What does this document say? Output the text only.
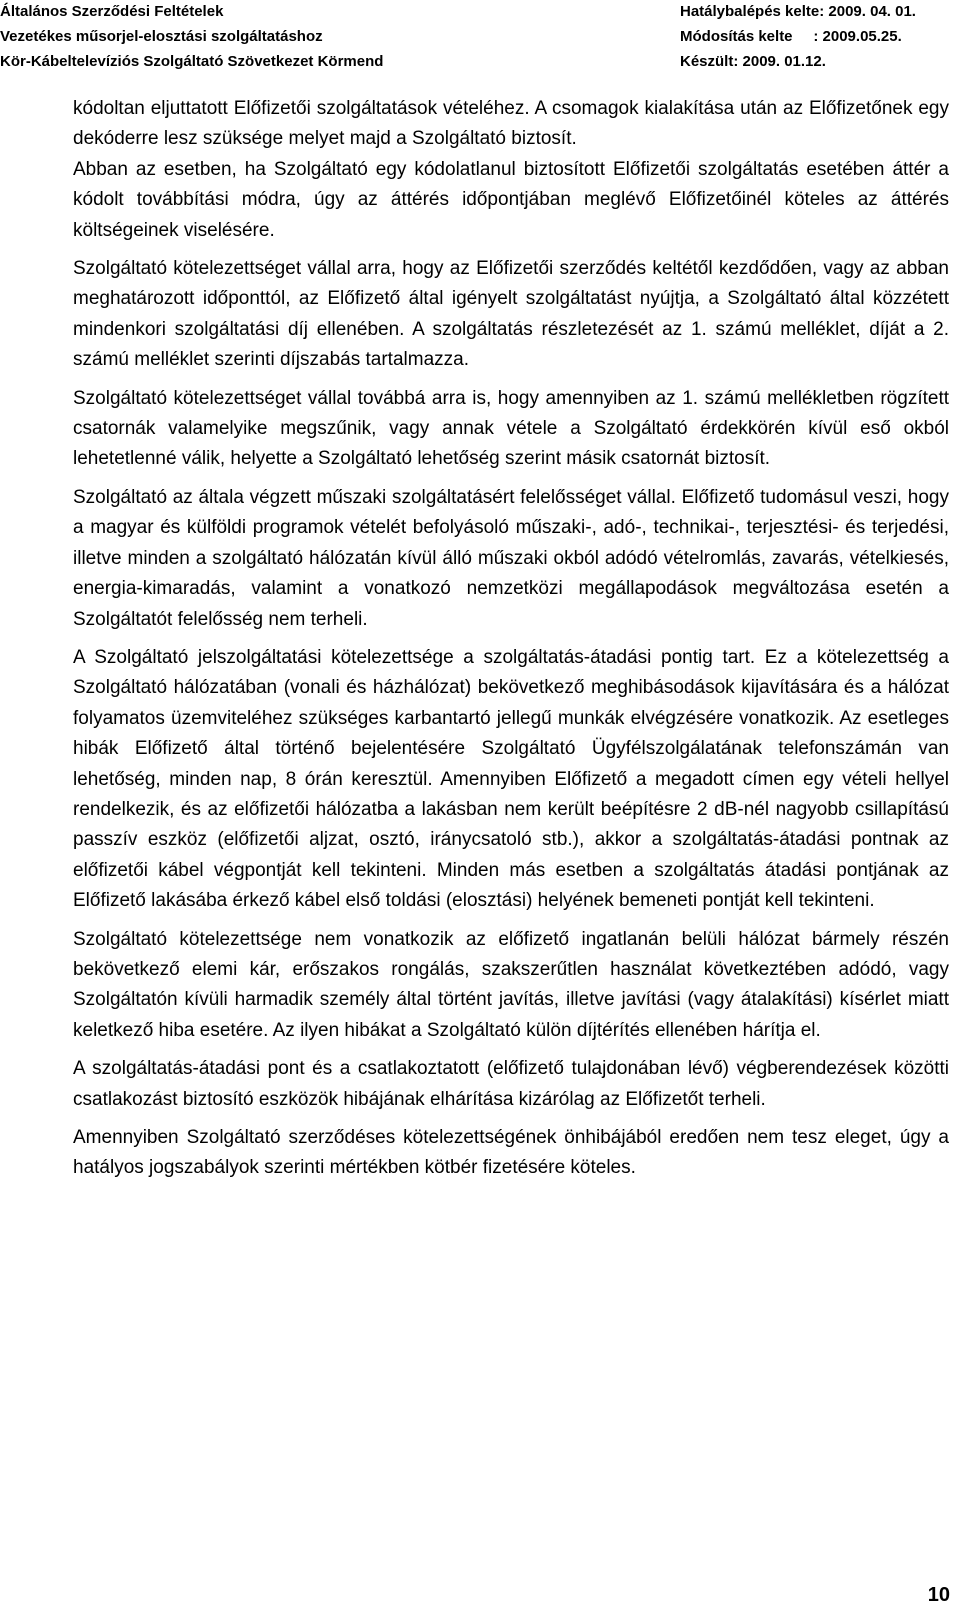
Általános Szerződési Feltételek	Hatálybalépés kelte: 2009. 04. 01.
Vezetékes műsorjel-elosztási szolgáltatáshoz	Módosítás kelte     : 2009.05.25.
Kör-Kábeltelevíziós Szolgáltató Szövetkezet Körmend	Készült: 2009. 01.12.

kódoltan eljuttatott Előfizetői szolgáltatások vételéhez. A csomagok kialakítása után az Előfizetőnek egy dekóderre lesz szüksége melyet majd a Szolgáltató biztosít.

Abban az esetben, ha Szolgáltató egy kódolatlanul biztosított Előfizetői szolgáltatás esetében áttér a kódolt továbbítási módra, úgy az áttérés időpontjában meglévő Előfizetőinél köteles az áttérés költségeinek viselésére.

Szolgáltató kötelezettséget vállal arra, hogy az Előfizetői szerződés keltétől kezdődően, vagy az abban meghatározott időponttól, az Előfizető által igényelt szolgáltatást nyújtja, a Szolgáltató által közzétett mindenkori szolgáltatási díj ellenében. A szolgáltatás részletezését az 1. számú melléklet, díját a 2. számú melléklet szerinti díjszabás tartalmazza.

Szolgáltató kötelezettséget vállal továbbá arra is, hogy amennyiben az 1. számú mellékletben rögzített csatornák valamelyike megszűnik, vagy annak vétele a Szolgáltató érdekkörén kívül eső okból lehetetlenné válik, helyette a Szolgáltató lehetőség szerint másik csatornát biztosít.

Szolgáltató az általa végzett műszaki szolgáltatásért felelősséget vállal. Előfizető tudomásul veszi, hogy a magyar és külföldi programok vételét befolyásoló műszaki-, adó-, technikai-, terjesztési- és terjedési, illetve minden a szolgáltató hálózatán kívül álló műszaki okból adódó vételromlás, zavarás, vételkiesés, energia-kimaradás, valamint a vonatkozó nemzetközi megállapodások megváltozása esetén a Szolgáltatót felelősség nem terheli.

A Szolgáltató jelszolgáltatási kötelezettsége a szolgáltatás-átadási pontig tart. Ez a kötelezettség a Szolgáltató hálózatában (vonali és házhálózat) bekövetkező meghibásodások kijavítására és a hálózat folyamatos üzemviteléhez szükséges karbantartó jellegű munkák elvégzésére vonatkozik. Az esetleges hibák Előfizető által történő bejelentésére Szolgáltató Ügyfélszolgálatának telefonszámán van lehetőség, minden nap, 8 órán keresztül. Amennyiben Előfizető a megadott címen egy vételi hellyel rendelkezik, és az előfizetői hálózatba a lakásban nem került beépítésre 2 dB-nél nagyobb csillapítású passzív eszköz (előfizetői aljzat, osztó, iránycsatoló stb.), akkor a szolgáltatás-átadási pontnak az előfizetői kábel végpontját kell tekinteni. Minden más esetben a szolgáltatás átadási pontjának az Előfizető lakásába érkező kábel első toldási (elosztási) helyének bemeneti pontját kell tekinteni.

Szolgáltató kötelezettsége nem vonatkozik az előfizető ingatlanán belüli hálózat bármely részén bekövetkező elemi kár, erőszakos rongálás, szakszerűtlen használat következtében adódó, vagy Szolgáltatón kívüli harmadik személy által történt javítás, illetve javítási (vagy átalakítási) kísérlet miatt keletkező hiba esetére. Az ilyen hibákat a Szolgáltató külön díjtérítés ellenében hárítja el.

A szolgáltatás-átadási pont és a csatlakoztatott (előfizető tulajdonában lévő) végberendezések közötti csatlakozást biztosító eszközök hibájának elhárítása kizárólag az Előfizetőt terheli.

Amennyiben Szolgáltató szerződéses kötelezettségének önhibájából eredően nem tesz eleget, úgy a hatályos jogszabályok szerinti mértékben kötbér fizetésére köteles.

10
